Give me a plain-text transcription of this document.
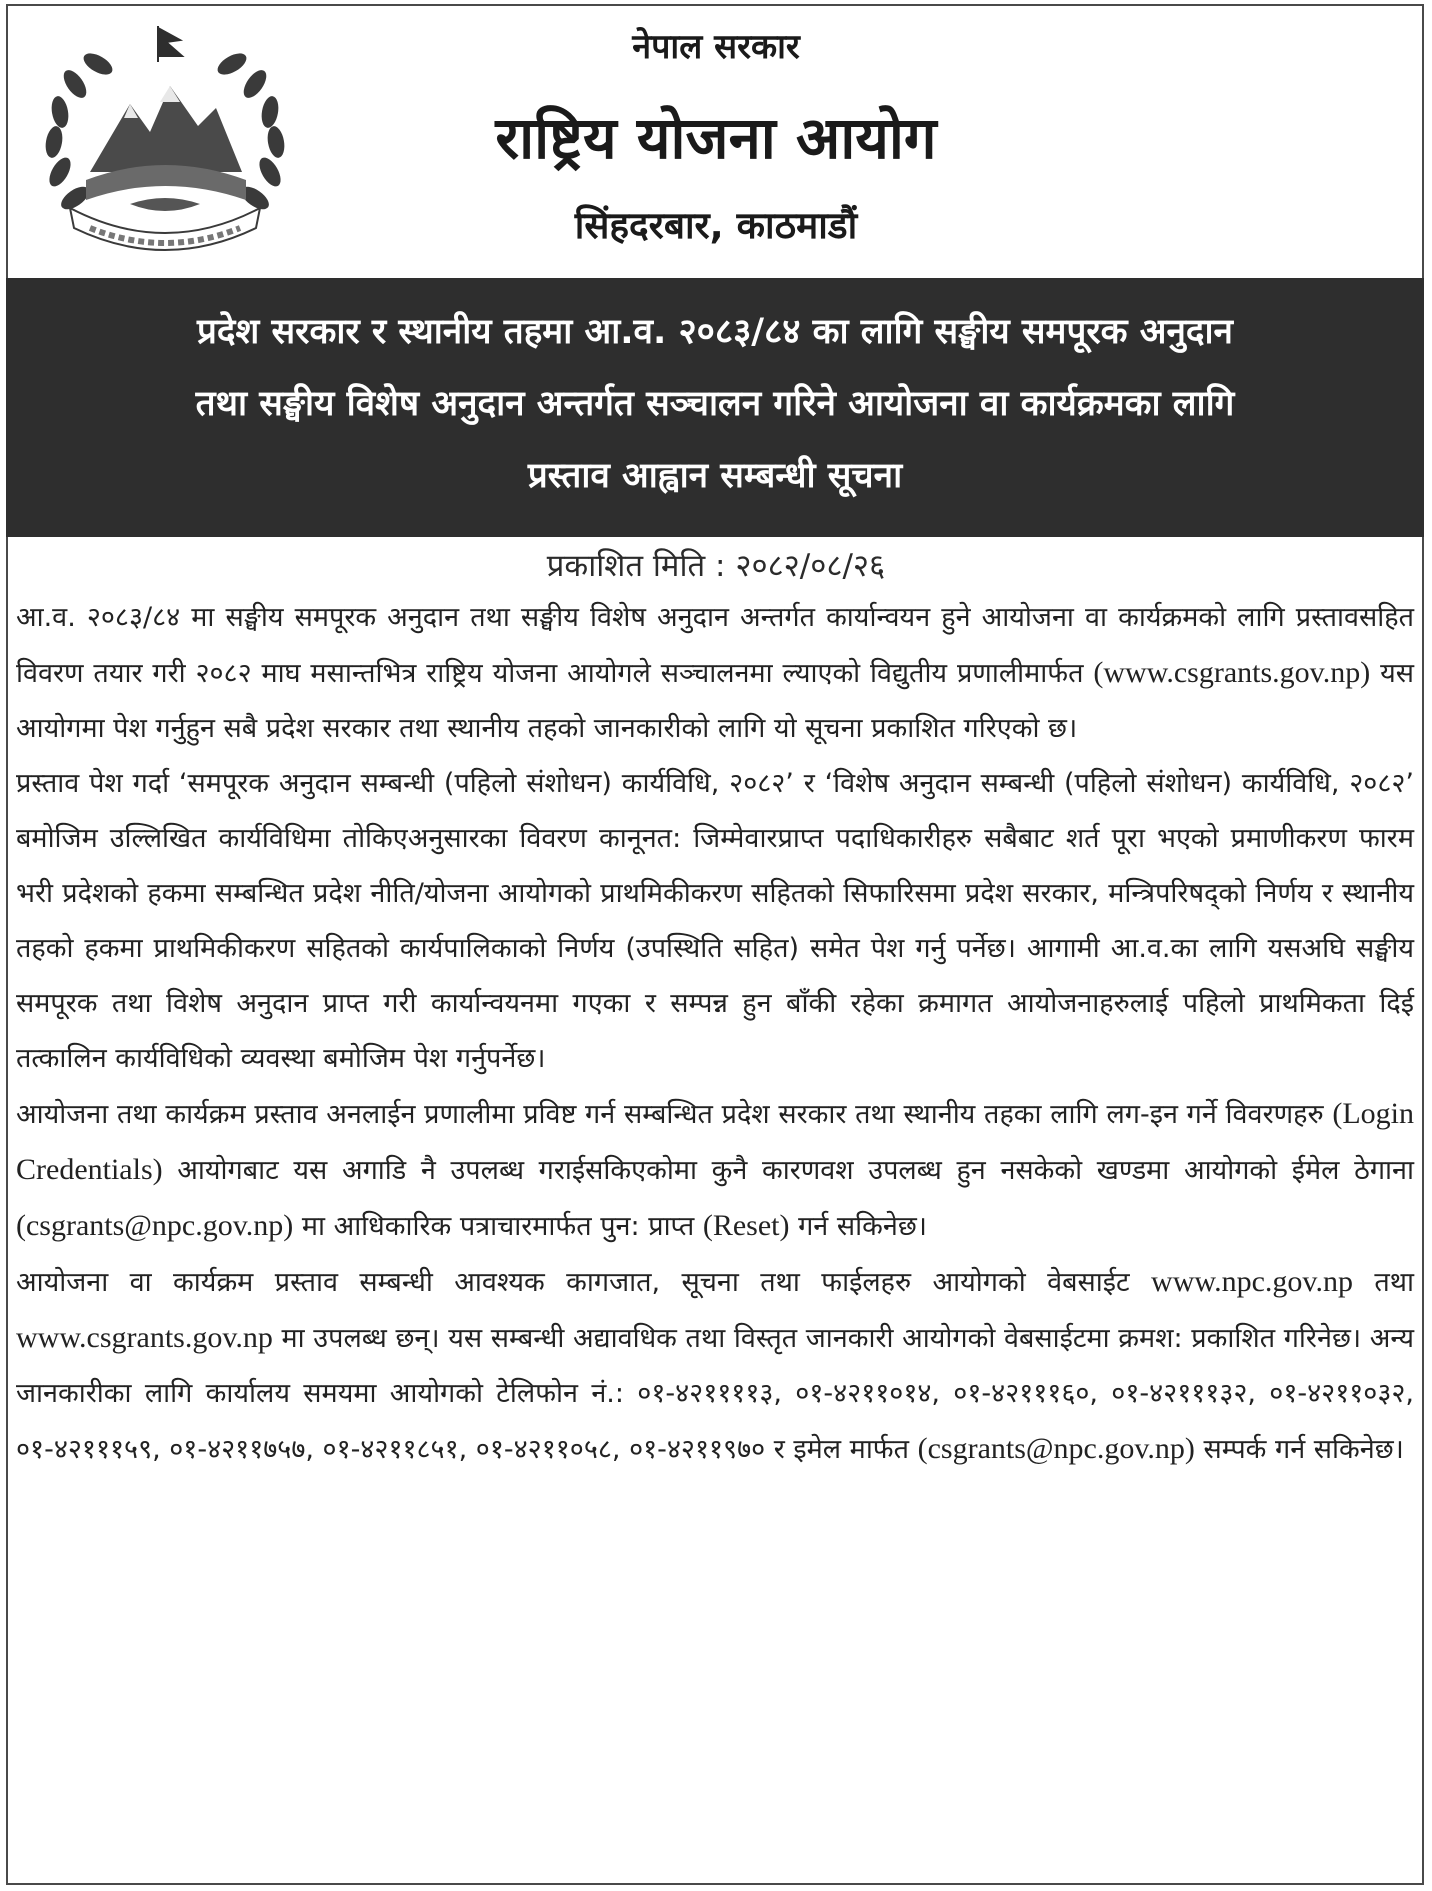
नेपाल सरकार
राष्ट्रिय योजना आयोग
सिंहदरबार, काठमाडौं
प्रदेश सरकार र स्थानीय तहमा आ.व. २०८३/८४ का लागि सङ्घीय समपूरक अनुदान
तथा सङ्घीय विशेष अनुदान अन्तर्गत सञ्चालन गरिने आयोजना वा कार्यक्रमका लागि
प्रस्ताव आह्वान सम्बन्धी सूचना
प्रकाशित मिति : २०८२/०८/२६

आ.व. २०८३/८४ मा सङ्घीय समपूरक अनुदान तथा सङ्घीय विशेष अनुदान अन्तर्गत कार्यान्वयन हुने आयोजना वा कार्यक्रमको लागि प्रस्तावसहित विवरण तयार गरी २०८२ माघ मसान्तभित्र राष्ट्रिय योजना आयोगले सञ्चालनमा ल्याएको विद्युतीय प्रणालीमार्फत (www.csgrants.gov.np) यस आयोगमा पेश गर्नुहुन सबै प्रदेश सरकार तथा स्थानीय तहको जानकारीको लागि यो सूचना प्रकाशित गरिएको छ।

प्रस्ताव पेश गर्दा ‘समपूरक अनुदान सम्बन्धी (पहिलो संशोधन) कार्यविधि, २०८२’ र ‘विशेष अनुदान सम्बन्धी (पहिलो संशोधन) कार्यविधि, २०८२’ बमोजिम उल्लिखित कार्यविधिमा तोकिएअनुसारका विवरण कानूनत: जिम्मेवारप्राप्त पदाधिकारीहरु सबैबाट शर्त पूरा भएको प्रमाणीकरण फारम भरी प्रदेशको हकमा सम्बन्धित प्रदेश नीति/योजना आयोगको प्राथमिकीकरण सहितको सिफारिसमा प्रदेश सरकार, मन्त्रिपरिषद्को निर्णय र स्थानीय तहको हकमा प्राथमिकीकरण सहितको कार्यपालिकाको निर्णय (उपस्थिति सहित) समेत पेश गर्नु पर्नेछ। आगामी आ.व.का लागि यसअघि सङ्घीय समपूरक तथा विशेष अनुदान प्राप्त गरी कार्यान्वयनमा गएका र सम्पन्न हुन बाँकी रहेका क्रमागत आयोजनाहरुलाई पहिलो प्राथमिकता दिई तत्कालिन कार्यविधिको व्यवस्था बमोजिम पेश गर्नुपर्नेछ।

आयोजना तथा कार्यक्रम प्रस्ताव अनलाईन प्रणालीमा प्रविष्ट गर्न सम्बन्धित प्रदेश सरकार तथा स्थानीय तहका लागि लग-इन गर्ने विवरणहरु (Login Credentials) आयोगबाट यस अगाडि नै उपलब्ध गराईसकिएकोमा कुनै कारणवश उपलब्ध हुन नसकेको खण्डमा आयोगको ईमेल ठेगाना (csgrants@npc.gov.np) मा आधिकारिक पत्राचारमार्फत पुन: प्राप्त (Reset) गर्न सकिनेछ।

आयोजना वा कार्यक्रम प्रस्ताव सम्बन्धी आवश्यक कागजात, सूचना तथा फाईलहरु आयोगको वेबसाईट www.npc.gov.np तथा www.csgrants.gov.np मा उपलब्ध छन्। यस सम्बन्धी अद्यावधिक तथा विस्तृत जानकारी आयोगको वेबसाईटमा क्रमश: प्रकाशित गरिनेछ। अन्य जानकारीका लागि कार्यालय समयमा आयोगको टेलिफोन नं.: ०१-४२११११३, ०१-४२११०१४, ०१-४२१११६०, ०१-४२१११३२, ०१-४२११०३२, ०१-४२१११५९, ०१-४२११७५७, ०१-४२११८५१, ०१-४२११०५८, ०१-४२११९७० र इमेल मार्फत (csgrants@npc.gov.np) सम्पर्क गर्न सकिनेछ।
